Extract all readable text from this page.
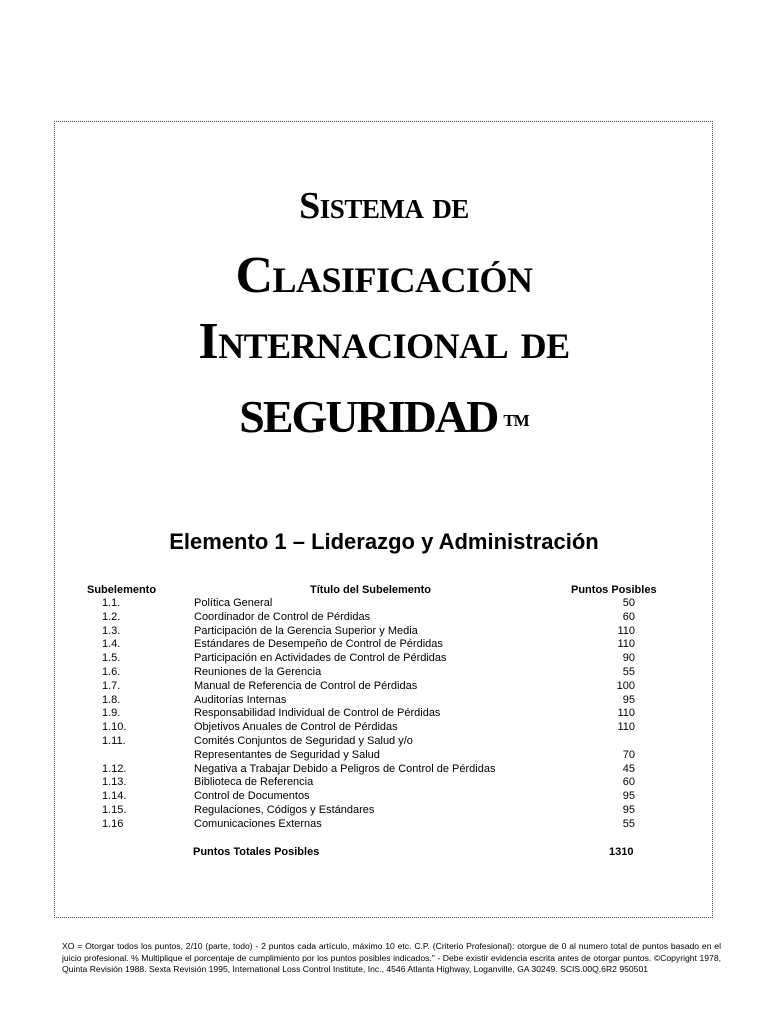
Sistema de
Clasificación
Internacional de
SEGURIDAD TM
Elemento 1 – Liderazgo y Administración
Subelemento	Título del Subelemento	Puntos Posibles
1.1.	Política General	50
1.2.	Coordinador de Control de Pérdidas	60
1.3.	Participación de la Gerencia Superior y Media	110
1.4.	Estándares de Desempeño de Control de Pérdidas	110
1.5.	Participación en Actividades de Control de Pérdidas	90
1.6.	Reuniones de la Gerencia	55
1.7.	Manual de Referencia de Control de Pérdidas	100
1.8.	Auditorías Internas	95
1.9.	Responsabilidad Individual de Control de Pérdidas	110
1.10.	Objetivos Anuales de Control de Pérdidas	110
1.11.	Comités Conjuntos de Seguridad y Salud y/o
Representantes de Seguridad y Salud	70
1.12.	Negativa a Trabajar Debido a Peligros de Control de Pérdidas	45
1.13.	Biblioteca de Referencia	60
1.14.	Control de Documentos	95
1.15.	Regulaciones, Códigos y Estándares	95
1.16	Comunicaciones Externas	55
Puntos Totales Posibles	1310
XO = Otorgar todos los puntos, 2/10 (parte, todo) - 2 puntos cada artículo, máximo 10 etc. C.P. (Criterio Profesional): otorgue de 0 al numero total de puntos basado en el juicio profesional. % Multiplique el porcentaje de cumplimiento por los puntos posibles indicados." - Debe existir evidencia escrita antes de otorgar puntos. ©Copyright 1978, Quinta Revisión 1988. Sexta Revisión 1995, International Loss Control Institute, Inc., 4546 Atlanta Highway, Loganville, GA 30249. SCIS.00Q.6R2 950501
